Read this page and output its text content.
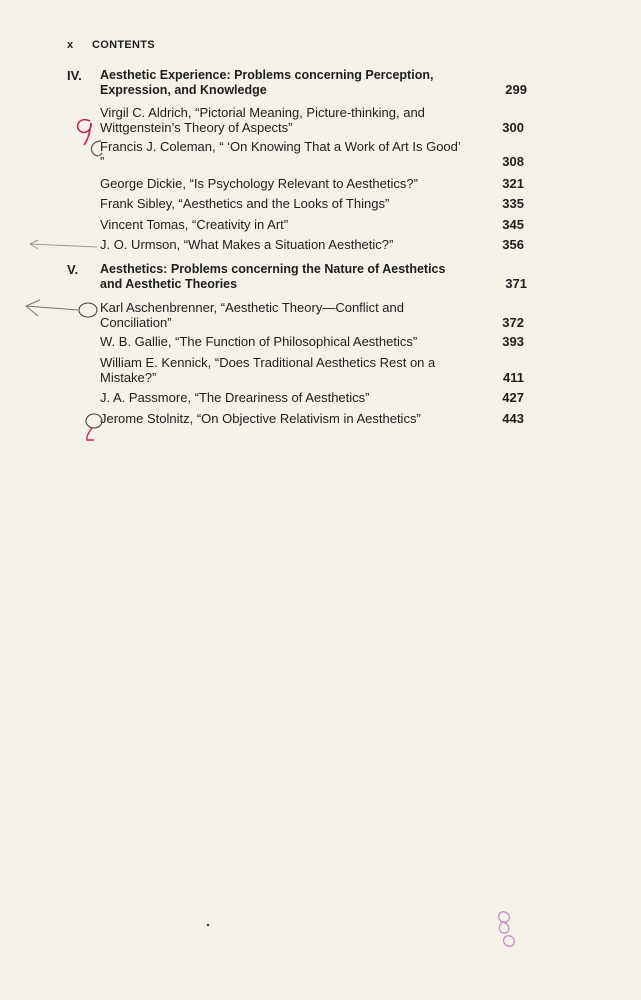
x CONTENTS
IV. Aesthetic Experience: Problems concerning Perception, Expression, and Knowledge	299
Virgil C. Aldrich, “Pictorial Meaning, Picture-thinking, and Wittgenstein’s Theory of Aspects”	300
Francis J. Coleman, “ ‘On Knowing That a Work of Art Is Good’ ”	308
George Dickie, “Is Psychology Relevant to Aesthetics?”	321
Frank Sibley, “Aesthetics and the Looks of Things”	335
Vincent Tomas, “Creativity in Art”	345
J. O. Urmson, “What Makes a Situation Aesthetic?”	356
V. Aesthetics: Problems concerning the Nature of Aesthetics and Aesthetic Theories	371
Karl Aschenbrenner, “Aesthetic Theory—Conflict and Conciliation”	372
W. B. Gallie, “The Function of Philosophical Aesthetics”	393
William E. Kennick, “Does Traditional Aesthetics Rest on a Mistake?”	411
J. A. Passmore, “The Dreariness of Aesthetics”	427
Jerome Stolnitz, “On Objective Relativism in Aesthetics”	443
